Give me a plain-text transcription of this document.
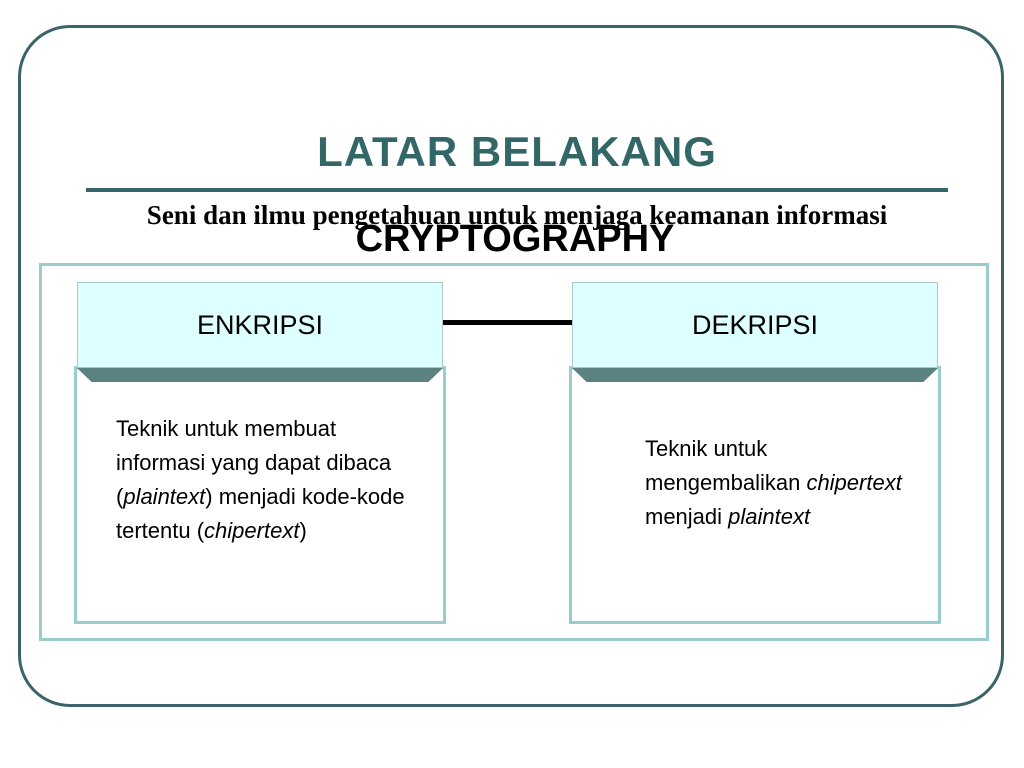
LATAR BELAKANG
Seni dan ilmu pengetahuan untuk menjaga keamanan informasi
CRYPTOGRAPHY
ENKRIPSI	DEKRIPSI
Teknik untuk membuat informasi yang dapat dibaca (plaintext) menjadi kode-kode tertentu (chipertext)
Teknik untuk mengembalikan chipertext menjadi plaintext
